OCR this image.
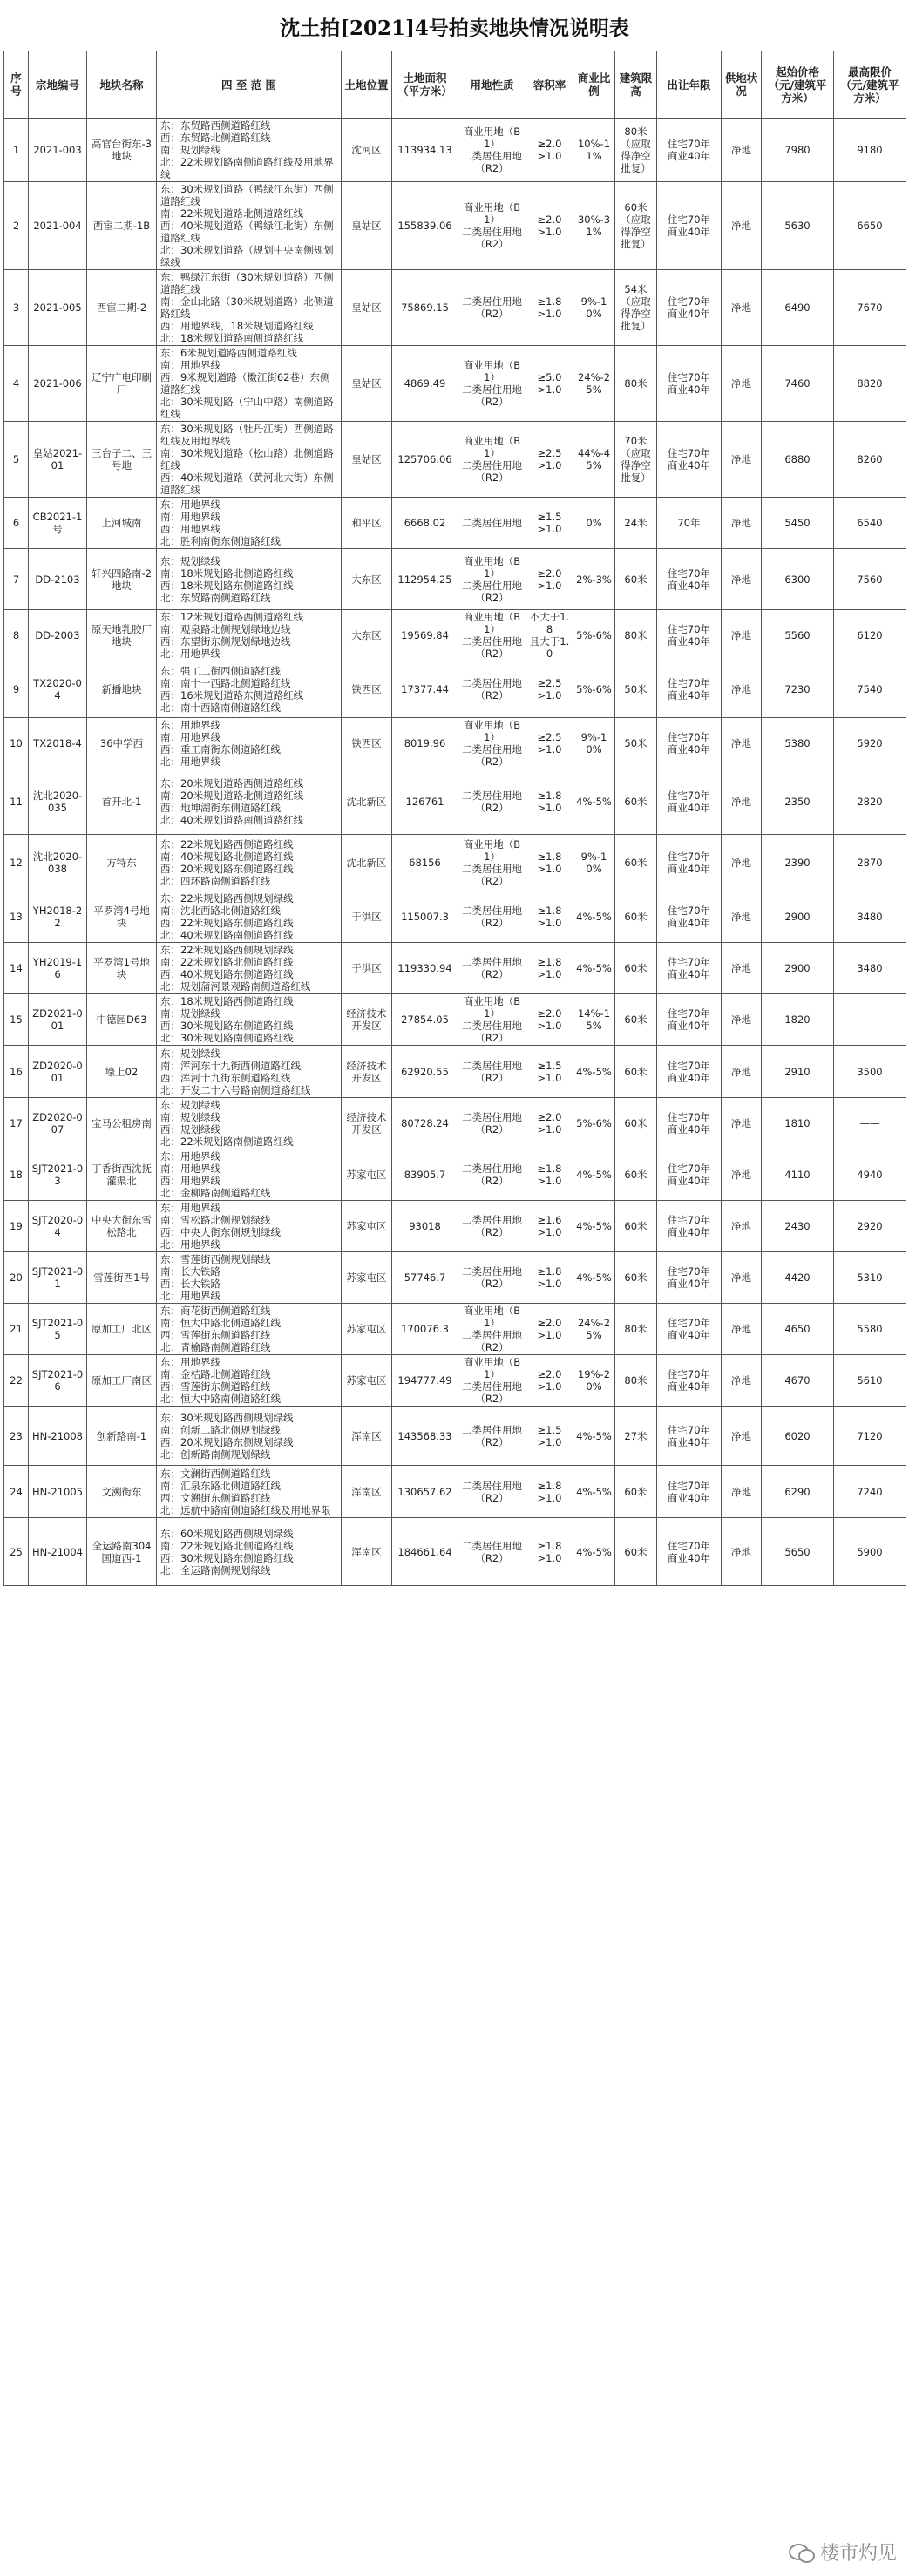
沈土拍[2021]4号拍卖地块情况说明表
序号	宗地编号	地块名称	四 至 范 围	土地位置	土地面积（平方米）	用地性质	容积率	商业比例	建筑限高	出让年限	供地状况	起始价格（元/建筑平方米）	最高限价（元/建筑平方米）
1	2021-003	高官台街东-3地块	东：东贸路西侧道路红线
西：东贸路北侧道路红线
南：规划绿线
北：22米规划路南侧道路红线及用地界线	沈河区	113934.13	商业用地（B1）
二类居住用地（R2）	≥2.0
>1.0	10%-11%	80米
（应取得净空批复）	住宅70年
商业40年	净地	7980	9180
2	2021-004	西宦二期-1B	东：30米规划道路（鸭绿江东街）西侧道路红线
南：22米规划道路北侧道路红线
西：40米规划道路（鸭绿江北街）东侧道路红线
北：30米规划道路（规划中央南侧规划绿线	皇姑区	155839.06	商业用地（B1）
二类居住用地（R2）	≥2.0
>1.0	30%-31%	60米
（应取得净空批复）	住宅70年
商业40年	净地	5630	6650
3	2021-005	西宦二期-2	东：鸭绿江东街（30米规划道路）西侧道路红线
南：金山北路（30米规划道路）北侧道路红线
西：用地界线，18米规划道路红线
北：18米规划道路南侧道路红线	皇姑区	75869.15	二类居住用地（R2）	≥1.8
>1.0	9%-10%	54米
（应取得净空批复）	住宅70年
商业40年	净地	6490	7670
4	2021-006	辽宁广电印刷厂	东：6米规划道路西侧道路红线
南：用地界线
西：9米规划道路（擞江街62巷）东侧道路红线
北：30米规划路（宁山中路）南侧道路红线	皇姑区	4869.49	商业用地（B1）
二类居住用地（R2）	≥5.0
>1.0	24%-25%	80米	住宅70年
商业40年	净地	7460	8820
5	皇姑2021-01	三台子二、三号地	东：30米规划路（牡丹江街）西侧道路红线及用地界线
南：30米规划道路（松山路）北侧道路红线
西：40米规划道路（黄河北大街）东侧道路红线	皇姑区	125706.06	商业用地（B1）
二类居住用地（R2）	≥2.5
>1.0	44%-45%	70米
（应取得净空批复）	住宅70年
商业40年	净地	6880	8260
6	CB2021-1号	上河城南	东：用地界线
南：用地界线
西：用地界线
北：胜利南街东侧道路红线	和平区	6668.02	二类居住用地	≥1.5
>1.0	0%	24米	70年	净地	5450	6540
7	DD-2103	轩兴四路南-2地块	东：规划绿线
南：18米规划路北侧道路红线
西：18米规划路东侧道路红线
北：东贸路南侧道路红线	大东区	112954.25	商业用地（B1）
二类居住用地（R2）	≥2.0
>1.0	2%-3%	60米	住宅70年
商业40年	净地	6300	7560
8	DD-2003	原天地乳胶厂地块	东：12米规划道路西侧道路红线
南：观泉路北侧规划绿地边线
西：东望街东侧规划绿地边线
北：用地界线	大东区	19569.84	商业用地（B1）
二类居住用地（R2）	不大于1.8
且大于1.0	5%-6%	80米	住宅70年
商业40年	净地	5560	6120
9	TX2020-04	新播地块	东：强工二街西侧道路红线
南：南十一西路北侧道路红线
西：16米规划道路东侧道路红线
北：南十西路南侧道路红线	铁西区	17377.44	二类居住用地（R2）	≥2.5
>1.0	5%-6%	50米	住宅70年
商业40年	净地	7230	7540
10	TX2018-4	36中学西	东：用地界线
南：用地界线
西：重工南街东侧道路红线
北：用地界线	铁西区	8019.96	商业用地（B1）
二类居住用地（R2）	≥2.5
>1.0	9%-10%	50米	住宅70年
商业40年	净地	5380	5920
11	沈北2020-035	首开北-1	东：20米规划道路西侧道路红线
南：20米规划道路北侧道路红线
西：地坤湖街东侧道路红线
北：40米规划道路南侧道路红线	沈北新区	126761	二类居住用地（R2）	≥1.8
>1.0	4%-5%	60米	住宅70年
商业40年	净地	2350	2820
12	沈北2020-038	方特东	东：22米规划路西侧道路红线
南：40米规划路北侧道路红线
西：20米规划路东侧道路红线
北：四环路南侧道路红线	沈北新区	68156	商业用地（B1）
二类居住用地（R2）	≥1.8
>1.0	9%-10%	60米	住宅70年
商业40年	净地	2390	2870
13	YH2018-22	平罗湾4号地块	东：22米规划路西侧规划绿线
南：沈北西路北侧道路红线
西：22米规划路东侧道路红线
北：40米规划路南侧道路红线	于洪区	115007.3	二类居住用地（R2）	≥1.8
>1.0	4%-5%	60米	住宅70年
商业40年	净地	2900	3480
14	YH2019-16	平罗湾1号地块	东：22米规划路西侧规划绿线
南：22米规划路北侧道路红线
西：40米规划路东侧道路红线
北：规划蒲河景观路南侧道路红线	于洪区	119330.94	二类居住用地（R2）	≥1.8
>1.0	4%-5%	60米	住宅70年
商业40年	净地	2900	3480
15	ZD2021-001	中德园D63	东：18米规划路西侧道路红线
南：规划绿线
西：30米规划路东侧道路红线
北：30米规划路南侧道路红线	经济技术开发区	27854.05	商业用地（B1）
二类居住用地（R2）	≥2.0
>1.0	14%-15%	60米	住宅70年
商业40年	净地	1820	——
16	ZD2020-001	壕上02	东：规划绿线
南：浑河东十九街西侧道路红线
西：浑河十九街东侧道路红线
北：开发二十六号路南侧道路红线	经济技术开发区	62920.55	二类居住用地（R2）	≥1.5
>1.0	4%-5%	60米	住宅70年
商业40年	净地	2910	3500
17	ZD2020-007	宝马公租房南	东：规划绿线
南：规划绿线
西：规划绿线
北：22米规划路南侧道路红线	经济技术开发区	80728.24	二类居住用地（R2）	≥2.0
>1.0	5%-6%	60米	住宅70年
商业40年	净地	1810	——
18	SJT2021-03	丁香街西沈抚灌渠北	东：用地界线
南：用地界线
西：用地界线
北：金柳路南侧道路红线	苏家屯区	83905.7	二类居住用地（R2）	≥1.8
>1.0	4%-5%	60米	住宅70年
商业40年	净地	4110	4940
19	SJT2020-04	中央大街东雪松路北	东：用地界线
南：雪松路北侧规划绿线
西：中央大街东侧规划绿线
北：用地界线	苏家屯区	93018	二类居住用地（R2）	≥1.6
>1.0	4%-5%	60米	住宅70年
商业40年	净地	2430	2920
20	SJT2021-01	雪莲街西1号	东：雪莲街西侧规划绿线
南：长大铁路
西：长大铁路
北：用地界线	苏家屯区	57746.7	二类居住用地（R2）	≥1.8
>1.0	4%-5%	60米	住宅70年
商业40年	净地	4420	5310
21	SJT2021-05	原加工厂北区	东：商花街西侧道路红线
南：恒大中路北侧道路红线
西：雪莲街东侧道路红线
北：青榆路南侧道路红线	苏家屯区	170076.3	商业用地（B1）
二类居住用地（R2）	≥2.0
>1.0	24%-25%	80米	住宅70年
商业40年	净地	4650	5580
22	SJT2021-06	原加工厂南区	东：用地界线
南：金桔路北侧道路红线
西：雪莲街东侧道路红线
北：恒大中路南侧道路红线	苏家屯区	194777.49	商业用地（B1）
二类居住用地（R2）	≥2.0
>1.0	19%-20%	80米	住宅70年
商业40年	净地	4670	5610
23	HN-21008	创新路南-1	东：30米规划路西侧规划绿线
南：创新二路北侧规划绿线
西：20米规划路东侧规划绿线
北：创新路南侧规划绿线	浑南区	143568.33	二类居住用地（R2）	≥1.5
>1.0	4%-5%	27米	住宅70年
商业40年	净地	6020	7120
24	HN-21005	文溯街东	东：文澜街西侧道路红线
南：汇泉东路北侧道路红线
西：文溯街东侧道路红线
北：远航中路南侧道路红线及用地界限	浑南区	130657.62	二类居住用地（R2）	≥1.8
>1.0	4%-5%	60米	住宅70年
商业40年	净地	6290	7240
25	HN-21004	全运路南304国道西-1	东：60米规划路西侧规划绿线
南：22米规划路北侧道路红线
西：30米规划路东侧道路红线
北：全运路南侧规划绿线	浑南区	184661.64	二类居住用地（R2）	≥1.8
>1.0	4%-5%	60米	住宅70年
商业40年	净地	5650	5900
楼市灼见
